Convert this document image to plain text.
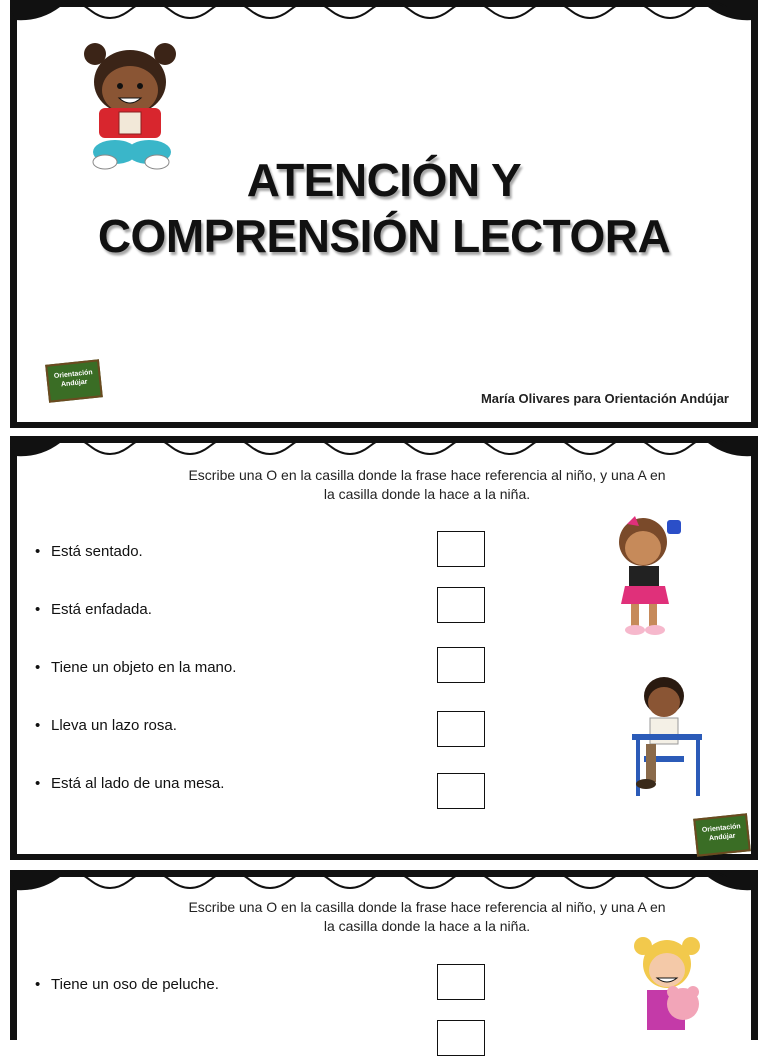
ATENCIÓN Y
COMPRENSIÓN LECTORA
Orientación
Andújar
María Olivares para Orientación Andújar
Escribe una O en la casilla donde la frase hace referencia al niño, y una A en
la casilla donde la hace a la niña.
• Está sentado.
• Está enfadada.
• Tiene un objeto en la mano.
• Lleva un lazo rosa.
• Está al lado de una mesa.
Orientación
Andújar
Escribe una O en la casilla donde la frase hace referencia al niño, y una A en
la casilla donde la hace a la niña.
• Tiene un oso de peluche.
